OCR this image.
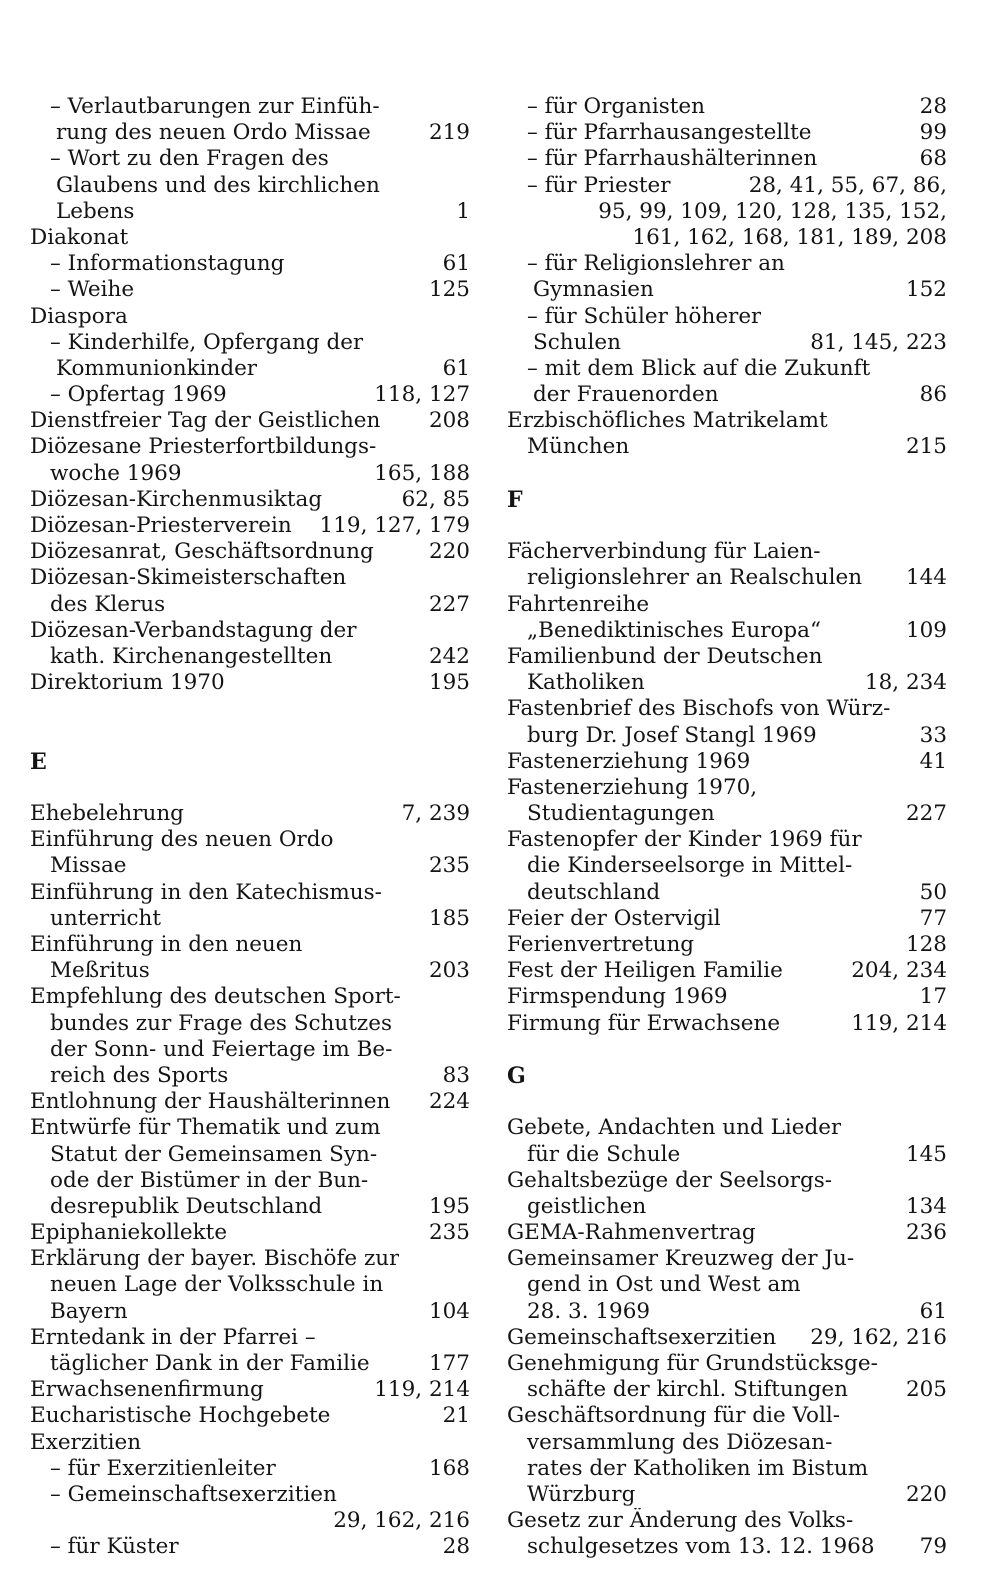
– Verlautbarungen zur Einfüh-
rung des neuen Ordo Missae	219
– Wort zu den Fragen des
Glaubens und des kirchlichen
Lebens	1
Diakonat
– Informationstagung	61
– Weihe	125
Diaspora
– Kinderhilfe, Opfergang der
Kommunionkinder	61
– Opfertag 1969	118, 127
Dienstfreier Tag der Geistlichen 208
Diözesane Priesterfortbildungs-
woche 1969	165, 188
Diözesan-Kirchenmusiktag	62, 85
Diözesan-Priesterverein 119, 127, 179
Diözesanrat, Geschäftsordnung	220
Diözesan-Skimeisterschaften
des Klerus	227
Diözesan-Verbandstagung der
kath. Kirchenangestellten	242
Direktorium 1970	195
E
Ehebelehrung	7, 239
Einführung des neuen Ordo
Missae	235
Einführung in den Katechismus-
unterricht	185
Einführung in den neuen
Meßritus	203
Empfehlung des deutschen Sport-
bundes zur Frage des Schutzes
der Sonn- und Feiertage im Be-
reich des Sports	83
Entlohnung der Haushälterinnen 224
Entwürfe für Thematik und zum
Statut der Gemeinsamen Syn-
ode der Bistümer in der Bun-
desrepublik Deutschland	195
Epiphaniekollekte	235
Erklärung der bayer. Bischöfe zur
neuen Lage der Volksschule in
Bayern	104
Erntedank in der Pfarrei –
täglicher Dank in der Familie	177
Erwachsenenfirmung	119, 214
Eucharistische Hochgebete	21
Exerzitien
– für Exerzitienleiter	168
– Gemeinschaftsexerzitien
29, 162, 216
– für Küster	28
– für Organisten	28
– für Pfarrhausangestellte	99
– für Pfarrhaushälterinnen	68
– für Priester	28, 41, 55, 67, 86,
95, 99, 109, 120, 128, 135, 152,
161, 162, 168, 181, 189, 208
– für Religionslehrer an
Gymnasien	152
– für Schüler höherer
Schulen	81, 145, 223
– mit dem Blick auf die Zukunft
der Frauenorden	86
Erzbischöfliches Matrikelamt
München	215
F
Fächerverbindung für Laien-
religionslehrer an Realschulen 144
Fahrtenreihe
„Benediktinisches Europa“	109
Familienbund der Deutschen
Katholiken	18, 234
Fastenbrief des Bischofs von Würz-
burg Dr. Josef Stangl 1969	33
Fastenerziehung 1969	41
Fastenerziehung 1970,
Studientagungen	227
Fastenopfer der Kinder 1969 für
die Kinderseelsorge in Mittel-
deutschland	50
Feier der Ostervigil	77
Ferienvertretung	128
Fest der Heiligen Familie	204, 234
Firmspendung 1969	17
Firmung für Erwachsene	119, 214
G
Gebete, Andachten und Lieder
für die Schule	145
Gehaltsbezüge der Seelsorgs-
geistlichen	134
GEMA-Rahmenvertrag	236
Gemeinsamer Kreuzweg der Ju-
gend in Ost und West am
28. 3. 1969	61
Gemeinschaftsexerzitien 29, 162, 216
Genehmigung für Grundstücksge-
schäfte der kirchl. Stiftungen	205
Geschäftsordnung für die Voll-
versammlung des Diözesan-
rates der Katholiken im Bistum
Würzburg	220
Gesetz zur Änderung des Volks-
schulgesetzes vom 13. 12. 1968 79
